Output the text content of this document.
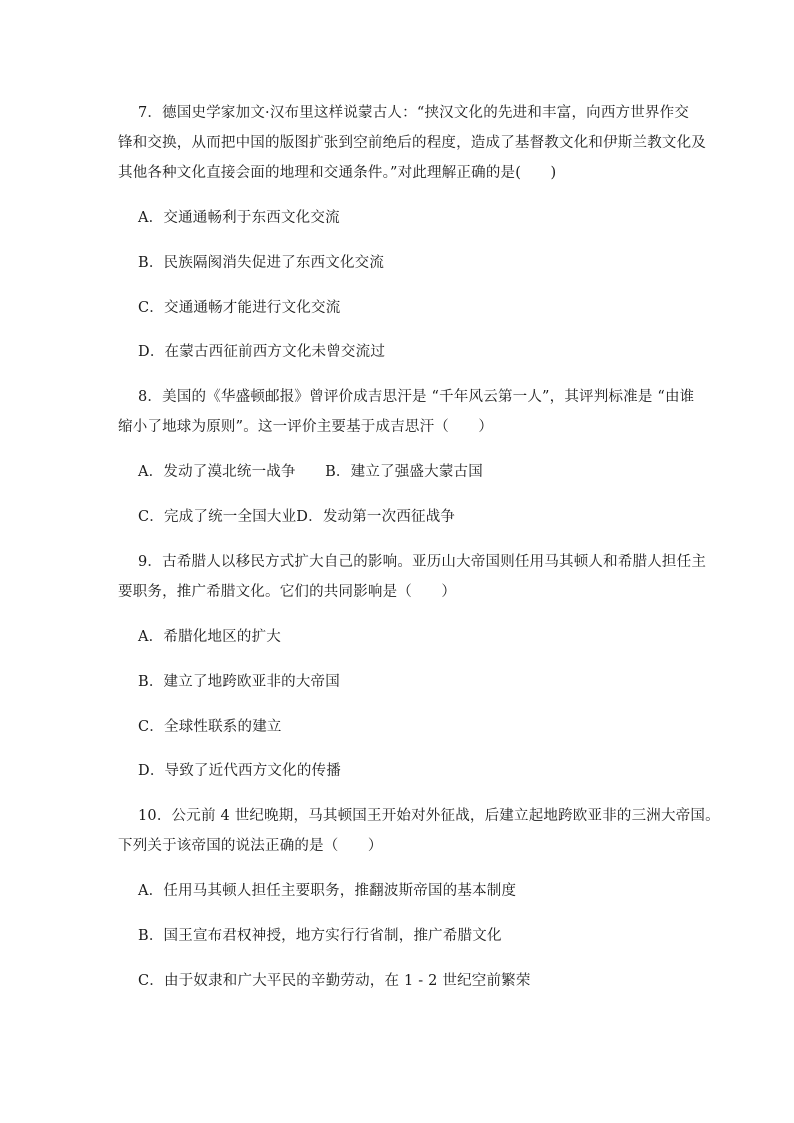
7．德国史学家加文·汉布里这样说蒙古人：“挟汉文化的先进和丰富，向西方世界作交
锋和交换，从而把中国的版图扩张到空前绝后的程度，造成了基督教文化和伊斯兰教文化及
其他各种文化直接会面的地理和交通条件。”对此理解正确的是(　　)
A．交通通畅利于东西文化交流
B．民族隔阂消失促进了东西文化交流
C．交通通畅才能进行文化交流
D．在蒙古西征前西方文化未曾交流过
8．美国的《华盛顿邮报》曾评价成吉思汗是 “千年风云第一人”，其评判标准是 “由谁
缩小了地球为原则”。这一评价主要基于成吉思汗（　　）
A．发动了漠北统一战争　　B．建立了强盛大蒙古国
C．完成了统一全国大业D．发动第一次西征战争
9．古希腊人以移民方式扩大自己的影响。亚历山大帝国则任用马其顿人和希腊人担任主
要职务，推广希腊文化。它们的共同影响是（　　）
A．希腊化地区的扩大
B．建立了地跨欧亚非的大帝国
C．全球性联系的建立
D．导致了近代西方文化的传播
10．公元前 4 世纪晚期，马其顿国王开始对外征战，后建立起地跨欧亚非的三洲大帝国。
下列关于该帝国的说法正确的是（　　）
A．任用马其顿人担任主要职务，推翻波斯帝国的基本制度
B．国王宣布君权神授，地方实行行省制，推广希腊文化
C．由于奴隶和广大平民的辛勤劳动，在 1 - 2 世纪空前繁荣
